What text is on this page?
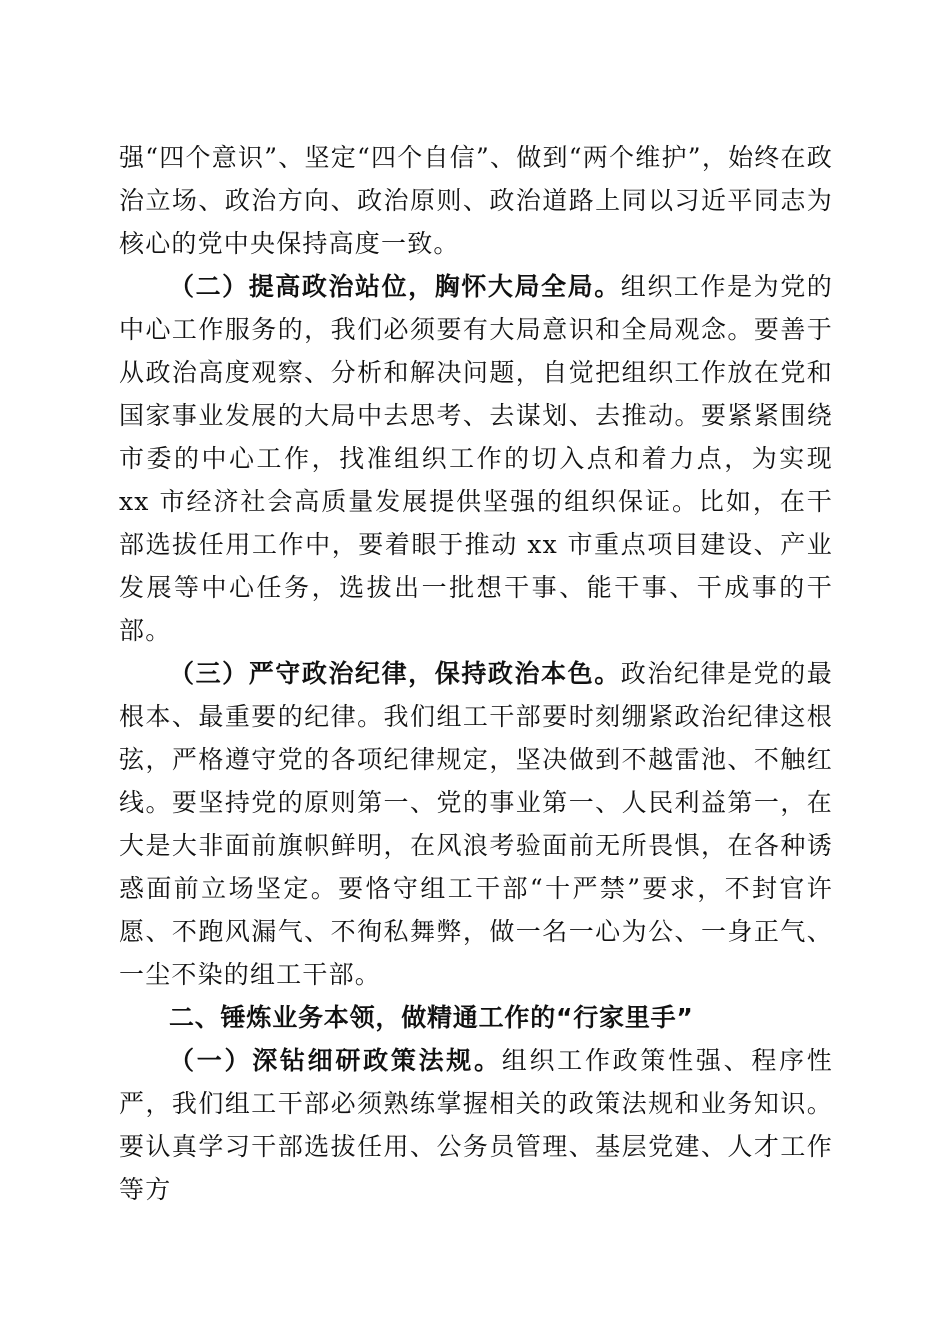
强“四个意识”、坚定“四个自信”、做到“两个维护”，始终在政治立场、政治方向、政治原则、政治道路上同以习近平同志为核心的党中央保持高度一致。

（二）提高政治站位，胸怀大局全局。组织工作是为党的中心工作服务的，我们必须要有大局意识和全局观念。要善于从政治高度观察、分析和解决问题，自觉把组织工作放在党和国家事业发展的大局中去思考、去谋划、去推动。要紧紧围绕市委的中心工作，找准组织工作的切入点和着力点，为实现 xx 市经济社会高质量发展提供坚强的组织保证。比如，在干部选拔任用工作中，要着眼于推动 xx 市重点项目建设、产业发展等中心任务，选拔出一批想干事、能干事、干成事的干部。

（三）严守政治纪律，保持政治本色。政治纪律是党的最根本、最重要的纪律。我们组工干部要时刻绷紧政治纪律这根弦，严格遵守党的各项纪律规定，坚决做到不越雷池、不触红线。要坚持党的原则第一、党的事业第一、人民利益第一，在大是大非面前旗帜鲜明，在风浪考验面前无所畏惧，在各种诱惑面前立场坚定。要恪守组工干部“十严禁”要求，不封官许愿、不跑风漏气、不徇私舞弊，做一名一心为公、一身正气、一尘不染的组工干部。

二、锤炼业务本领，做精通工作的“行家里手”

（一）深钻细研政策法规。组织工作政策性强、程序性严，我们组工干部必须熟练掌握相关的政策法规和业务知识。要认真学习干部选拔任用、公务员管理、基层党建、人才工作等方
